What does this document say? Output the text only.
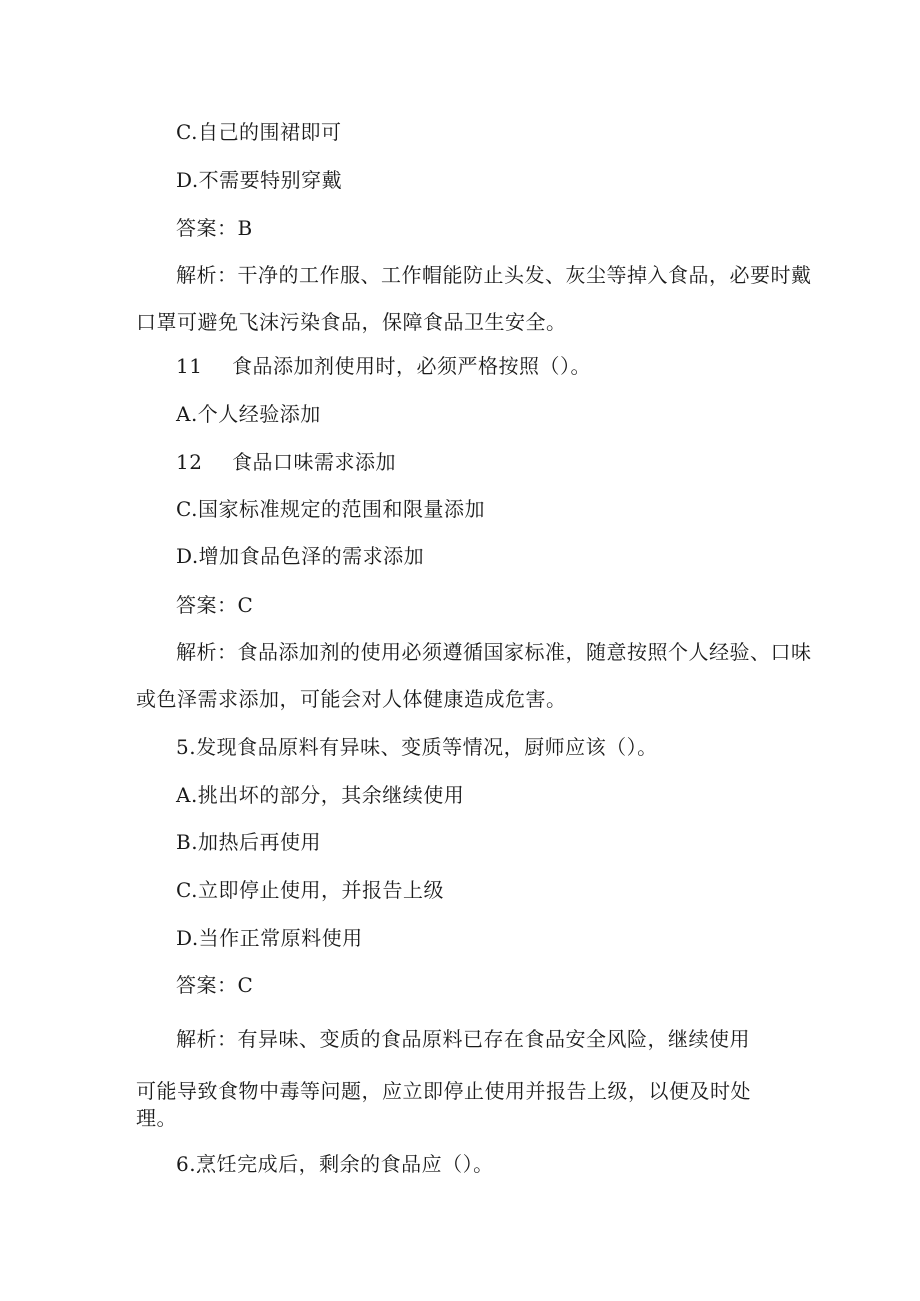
C.自己的围裙即可
D.不需要特别穿戴
答案：B
解析：干净的工作服、工作帽能防止头发、灰尘等掉入食品，必要时戴
口罩可避免飞沫污染食品，保障食品卫生安全。
11 食品添加剂使用时，必须严格按照（）。
A.个人经验添加
12 食品口味需求添加
C.国家标准规定的范围和限量添加
D.增加食品色泽的需求添加
答案：C
解析：食品添加剂的使用必须遵循国家标准，随意按照个人经验、口味
或色泽需求添加，可能会对人体健康造成危害。
5.发现食品原料有异味、变质等情况，厨师应该（）。
A.挑出坏的部分，其余继续使用
B.加热后再使用
C.立即停止使用，并报告上级
D.当作正常原料使用
答案：C
解析：有异味、变质的食品原料已存在食品安全风险，继续使用
可能导致食物中毒等问题，应立即停止使用并报告上级，以便及时处
理。
6.烹饪完成后，剩余的食品应（）。
